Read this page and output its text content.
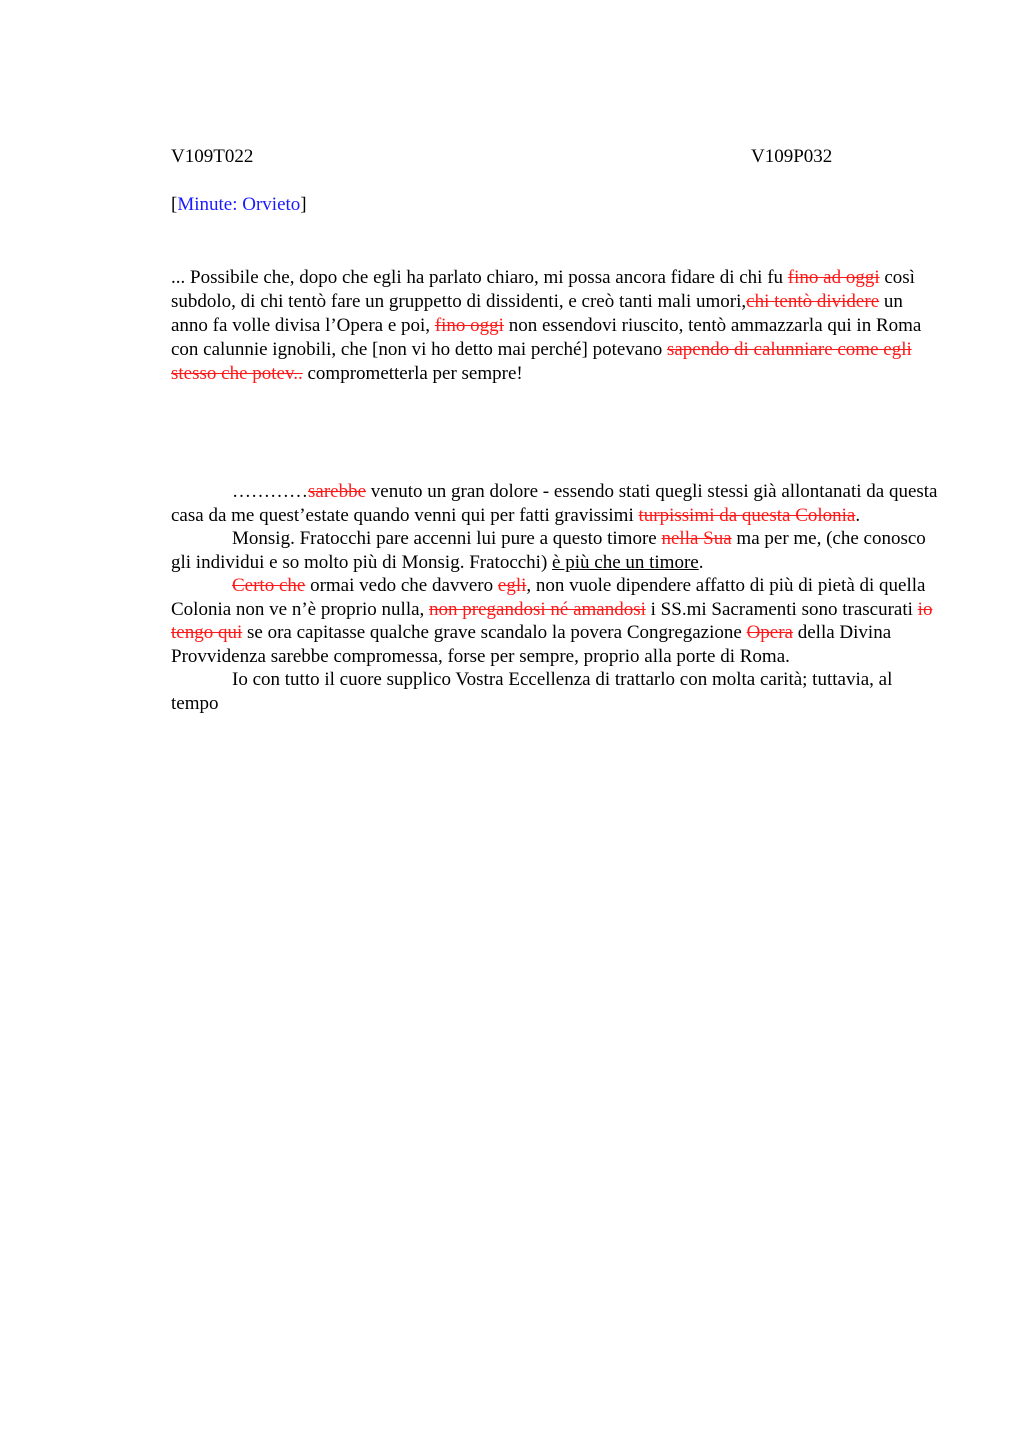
V109T022	V109P032
[Minute: Orvieto]

... Possibile che, dopo che egli ha parlato chiaro, mi possa ancora fidare di chi fu fino ad oggi così subdolo, di chi tentò fare un gruppetto di dissidenti, e creò tanti mali umori,chi tentò dividere un anno fa volle divisa l’Opera e poi, fino oggi non essendovi riuscito, tentò ammazzarla qui in Roma con calunnie ignobili, che [non vi ho detto mai perché] potevano sapendo di calunniare come egli stesso che potev.. comprometterla per sempre!

…………sarebbe venuto un gran dolore - essendo stati quegli stessi già allontanati da questa casa da me quest’estate quando venni qui per fatti gravissimi turpissimi da questa Colonia.

Monsig. Fratocchi pare accenni lui pure a questo timore nella Sua ma per me, (che conosco gli individui e so molto più di Monsig. Fratocchi) è più che un timore.

Certo che ormai vedo che davvero egli, non vuole dipendere affatto di più di pietà di quella Colonia non ve n’è proprio nulla, non pregandosi né amandosi i SS.mi Sacramenti sono trascurati io tengo qui se ora capitasse qualche grave scandalo la povera Congregazione Opera della Divina Provvidenza sarebbe compromessa, forse per sempre, proprio alla porte di Roma.

Io con tutto il cuore supplico Vostra Eccellenza di trattarlo con molta carità; tuttavia, al tempo
